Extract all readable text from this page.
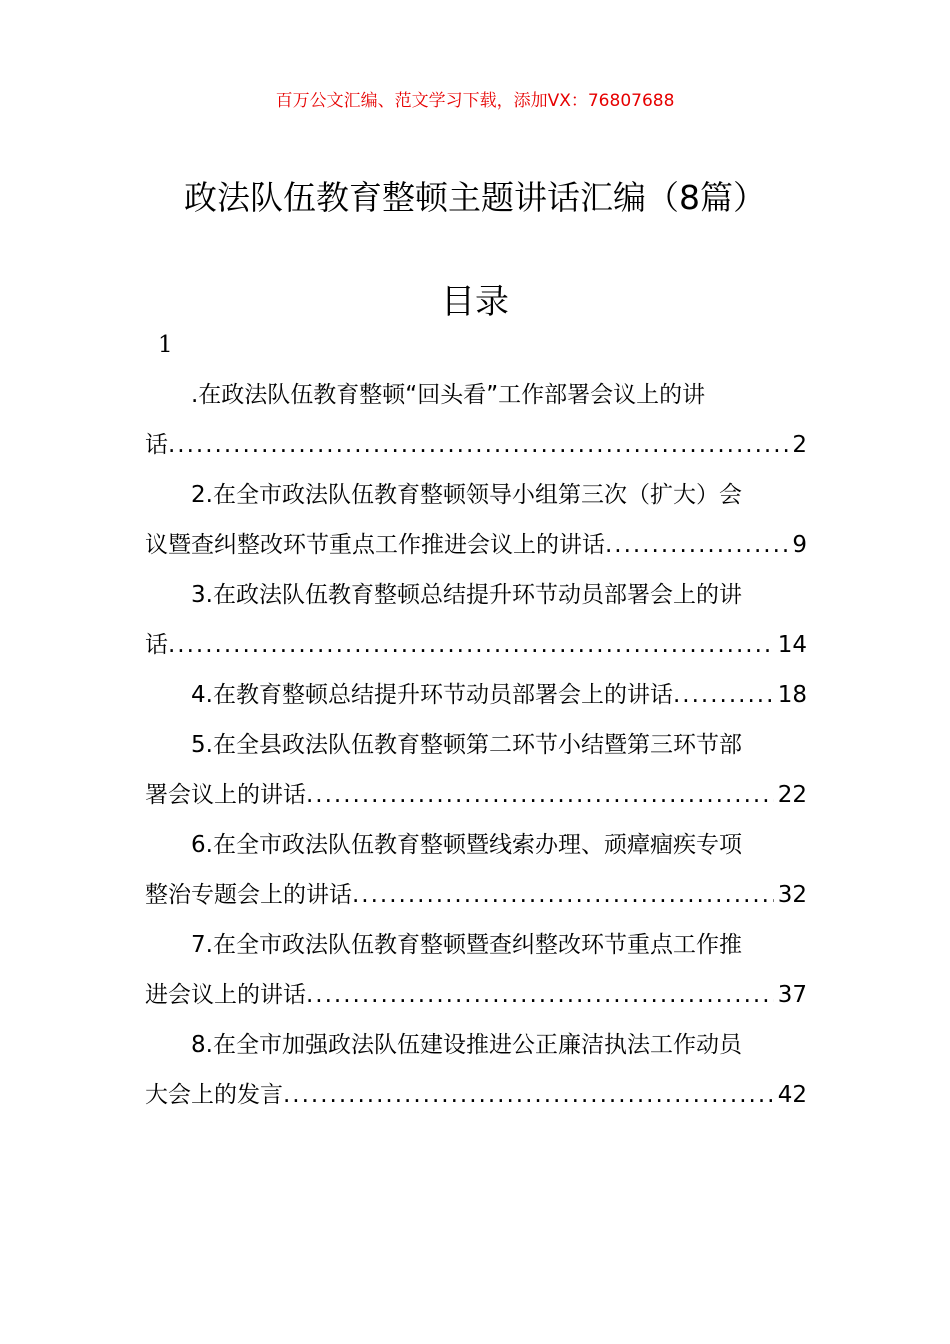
百万公文汇编、范文学习下载，添加VX：76807688
政法队伍教育整顿主题讲话汇编（8篇）
目录
1
.在政法队伍教育整顿“回头看”工作部署会议上的讲
话 .....	2
2.在全市政法队伍教育整顿领导小组第三次（扩大）会
议暨查纠整改环节重点工作推进会议上的讲话 .....	9
3.在政法队伍教育整顿总结提升环节动员部署会上的讲
话 .....	14
4.在教育整顿总结提升环节动员部署会上的讲话 .....	18
5.在全县政法队伍教育整顿第二环节小结暨第三环节部
署会议上的讲话 .....	22
6.在全市政法队伍教育整顿暨线索办理、顽瘴痼疾专项
整治专题会上的讲话 .....	32
7.在全市政法队伍教育整顿暨查纠整改环节重点工作推
进会议上的讲话 .....	37
8.在全市加强政法队伍建设推进公正廉洁执法工作动员
大会上的发言 .....	42
